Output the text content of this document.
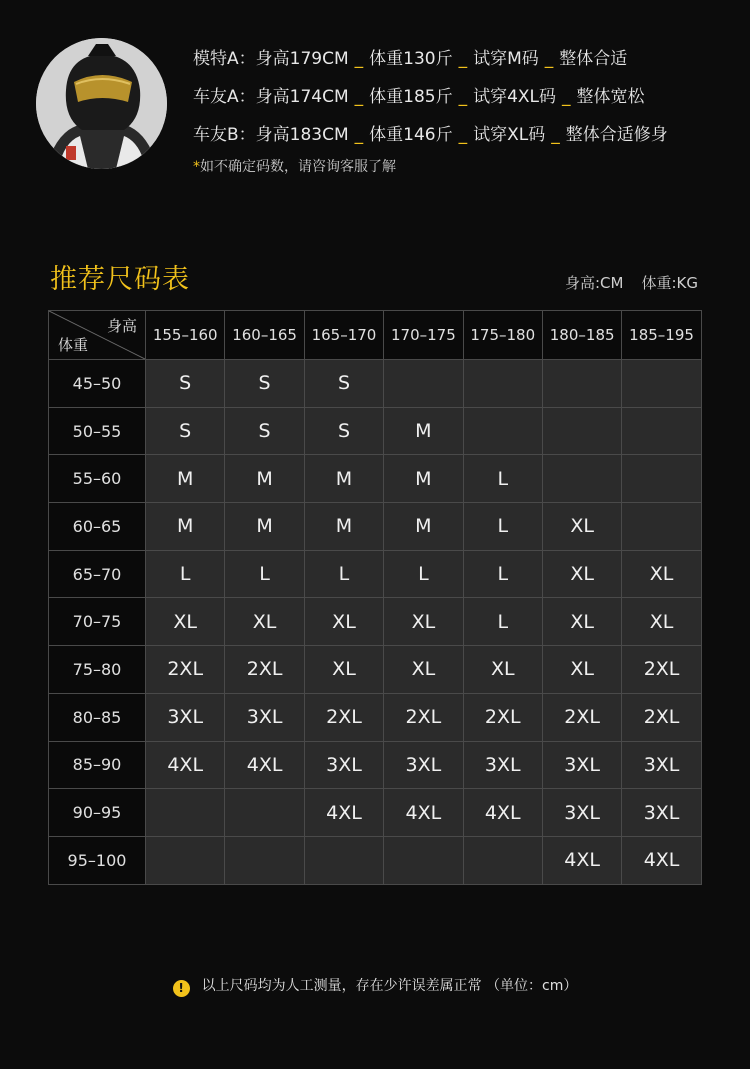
模特A：身高179CM _ 体重130斤 _ 试穿M码 _ 整体合适
车友A：身高174CM _ 体重185斤 _ 试穿4XL码 _ 整体宽松
车友B：身高183CM _ 体重146斤 _ 试穿XL码 _ 整体合适修身
*如不确定码数，请咨询客服了解
推荐尺码表	身高:CM 体重:KG
身高
体重	155–160	160–165	165–170	170–175	175–180	180–185	185–195
45–50	S	S	S				
50–55	S	S	S	M			
55–60	M	M	M	M	L		
60–65	M	M	M	M	L	XL	
65–70	L	L	L	L	L	XL	XL
70–75	XL	XL	XL	XL	L	XL	XL
75–80	2XL	2XL	XL	XL	XL	XL	2XL
80–85	3XL	3XL	2XL	2XL	2XL	2XL	2XL
85–90	4XL	4XL	3XL	3XL	3XL	3XL	3XL
90–95			4XL	4XL	4XL	3XL	3XL
95–100						4XL	4XL
! 以上尺码均为人工测量，存在少许误差属正常 （单位：cm）
